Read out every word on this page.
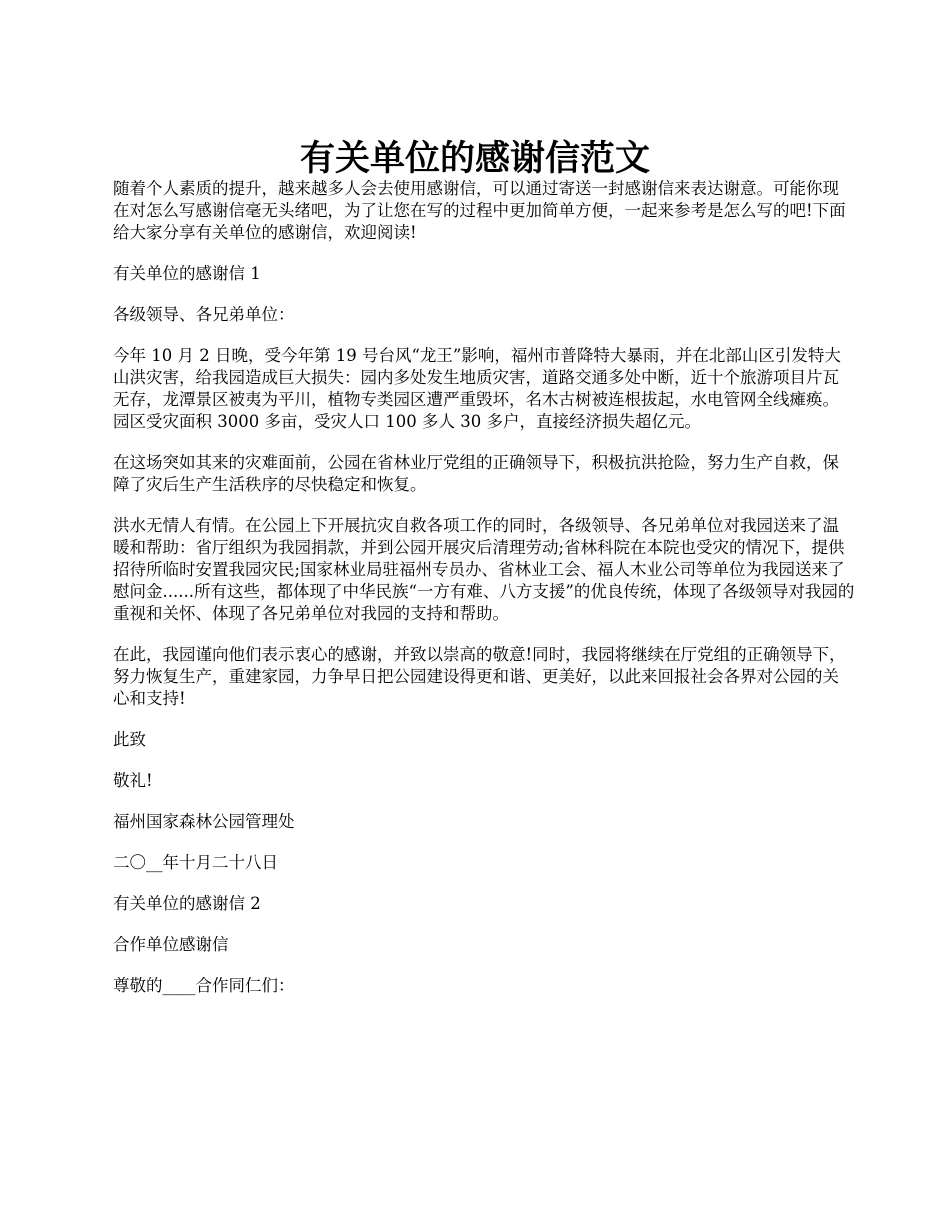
有关单位的感谢信范文

随着个人素质的提升，越来越多人会去使用感谢信，可以通过寄送一封感谢信来表达谢意。可能你现在对怎么写感谢信毫无头绪吧，为了让您在写的过程中更加简单方便，一起来参考是怎么写的吧!下面给大家分享有关单位的感谢信，欢迎阅读!

有关单位的感谢信 1

各级领导、各兄弟单位：

今年 10 月 2 日晚，受今年第 19 号台风“龙王”影响，福州市普降特大暴雨，并在北部山区引发特大山洪灾害，给我园造成巨大损失：园内多处发生地质灾害，道路交通多处中断，近十个旅游项目片瓦无存，龙潭景区被夷为平川，植物专类园区遭严重毁坏，名木古树被连根拔起，水电管网全线瘫痪。园区受灾面积 3000 多亩，受灾人口 100 多人 30 多户，直接经济损失超亿元。

在这场突如其来的灾难面前，公园在省林业厅党组的正确领导下，积极抗洪抢险，努力生产自救，保障了灾后生产生活秩序的尽快稳定和恢复。

洪水无情人有情。在公园上下开展抗灾自救各项工作的同时，各级领导、各兄弟单位对我园送来了温暖和帮助：省厅组织为我园捐款，并到公园开展灾后清理劳动;省林科院在本院也受灾的情况下，提供招待所临时安置我园灾民;国家林业局驻福州专员办、省林业工会、福人木业公司等单位为我园送来了慰问金......所有这些，都体现了中华民族“一方有难、八方支援”的优良传统，体现了各级领导对我园的重视和关怀、体现了各兄弟单位对我园的支持和帮助。

在此，我园谨向他们表示衷心的感谢，并致以崇高的敬意!同时，我园将继续在厅党组的正确领导下，努力恢复生产，重建家园，力争早日把公园建设得更和谐、更美好，以此来回报社会各界对公园的关心和支持!

此致

敬礼!

福州国家森林公园管理处

二〇__年十月二十八日

有关单位的感谢信 2

合作单位感谢信

尊敬的____合作同仁们：
